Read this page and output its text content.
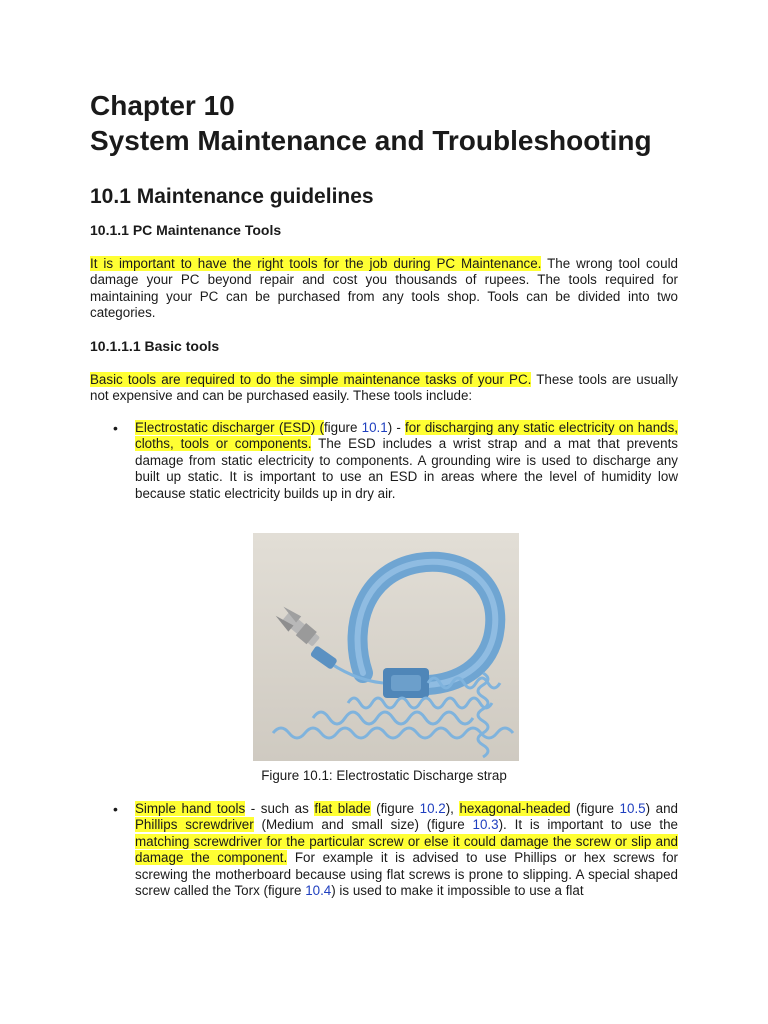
Chapter 10
System Maintenance and Troubleshooting
10.1 Maintenance guidelines
10.1.1 PC Maintenance Tools

It is important to have the right tools for the job during PC Maintenance. The wrong tool could damage your PC beyond repair and cost you thousands of rupees. The tools required for maintaining your PC can be purchased from any tools shop. Tools can be divided into two categories.

10.1.1.1 Basic tools

Basic tools are required to do the simple maintenance tasks of your PC. These tools are usually not expensive and can be purchased easily. These tools include:

• Electrostatic discharger (ESD) (figure 10.1) - for discharging any static electricity on hands, cloths, tools or components. The ESD includes a wrist strap and a mat that prevents damage from static electricity to components. A grounding wire is used to discharge any built up static. It is important to use an ESD in areas where the level of humidity low because static electricity builds up in dry air.

Figure 10.1: Electrostatic Discharge strap

• Simple hand tools - such as flat blade (figure 10.2), hexagonal-headed (figure 10.5) and Phillips screwdriver (Medium and small size) (figure 10.3). It is important to use the matching screwdriver for the particular screw or else it could damage the screw or slip and damage the component. For example it is advised to use Phillips or hex screws for screwing the motherboard because using flat screws is prone to slipping. A special shaped screw called the Torx (figure 10.4) is used to make it impossible to use a flat
